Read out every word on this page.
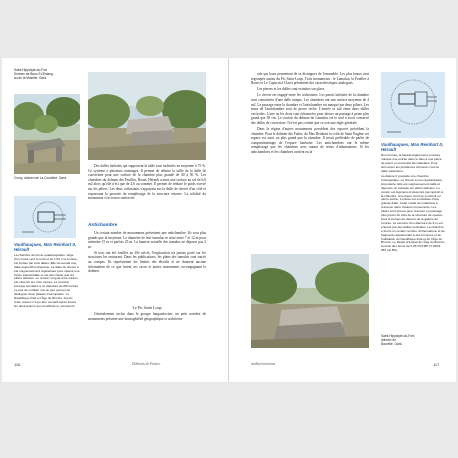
Saint-Hippolyte-du-Fort
Dolmen de Baux-Fo'Estang
au de la Moselle, Gard.
Coury, dolmen de La Coudière, Gard.
Vaulhauques, Mas Reinhart II, Hérault

La chambre de forme quadrangulaire, large d'un mètre vers le fond et de 1,50 m à l'entrée, est limitée par trois dalles. Elle recouvrait une dalle aujourd'hui disparue. La dalle de chevet a été soigneusement régularisée pour obtenir une forme trapézoïdale et est plus haute que les piliers latéraux. Le couloir, long de trois mètres, est observé sur trois mètres. Le tumulus presque circulaire a un diamètre de 8/9 mètres. Le pas de mobilier mis au jour permet de distinguer deux phases d'occupation : le Néolithique final et l'Âge du Bronze. Aucun reste osseux n'a pu être recueilli après toutes les destructions qui ont affecté le monument.

Des dalles latérales qui supportent la table sont inclinées en moyenne à 75 %. Ce système a plusieurs avantages. Il permet de réduire la taille de la dalle de couverture pour une surface de la chambre plus grande de 40 à 50 %. Les chambres du dolmen des Feuilles, Rouet, Hérault a ainsi une surface au sol de 6,6 m2 alors qu'elle n'est que de 2,6 au sommet. Il permet de réduire le poids exercé sur les piliers. Les deux orthostates s'appuyant sur la dalle de chevet d'un côté et repoussant la poussée du remplissage de la structure externe. La solidité du monument s'en trouve renforcée.

Antichambre

Un certain nombre de monuments présentent une antichambre. Ils sont plus grands que la moyenne. Le diamètre de leur tumulus se situe entre 7 et 12 m pour atteindre 15 m et parfois 25 m. La hauteur actuelle des tumulus ne dépasse pas 2 m.

Si tous ont été fouillés au 20e siècle, l'exploration n'a jamais porté sur les structures les entourant. Dans les publications, les plans des tumulus sont tracés au compas. Ils représentent les limites des éboulis et ne donnent aucune information de ce que furent ces caves et autres monuments accompagnant le dolmen.

Le Pic Saint Loup

Généralement inclus dans le groupe languedocien, un petit nombre de monuments présente une homogénéité géographique et architectu-

116	Dolmens de France

rale qui leurs permettent de se distinguer de l'ensemble. Les plus beaux sont regroupés autour du Pic Saint-Loup. Trois monuments : le Lamalou, la Feuilles à Rouet et Le Capucin à Claret présentent des caractéristiques analogues.

Les pierres et les dalles sont extraites sur place.

Le chevet est engagé entre les orthostates. Les parois latérales de la chambre sont constituées d'une dalle unique. Les chambres ont une surface moyenne de 4 m2. Le passage entre la chambre et l'antichambre est marqué par deux piliers. Les murs de l'antichambre sont de pierre sèche. L'entrée se fait entre deux dalles verticales. L'une ou les deux sont échancrées pour laisser un passage à peine plus grand que 50 cm. Le couloir du dolmen du Lamalou est le seul à avoir conservé des dalles de couverture. Il n'est pas certain que ce soit une règle générale.

Dans la région d'autres monuments possèdent des espaces précédant la chambre. Pour le dolmen des Fades, du Mas Reinhart et celui de Saint Eugène cet espace est aussi ou plus grand que la chambre. Il serait préférable de parler de compartimentage de l'espace funéraire. Les antichambres ont le même remplissage que les chambres avec autant de restes d'inhumations. Si les antichambres et les chambres avaient eu la

Vaulhauques, Mas Reinhart II, Hérault

Non fermée, la façade légèrement concave marque une entrée dans le faux à une pièce de pierre en proximité des latérales. Pour surmonter les problèmes d'érosion c'est la dalle supérieure.

La dalone II possède une chambre rectangulaire. Le chevet a une régularisation importante. Elle est soigneusement taillé et déposée un bouleau les piliers latéraux. Le couloir est légèrement décentré par rapport à la chambre. Une pièce court se construit en pierre sèche. L'entrée est constituée d'une grande dalle. Cette moitié de matériaux à retrouver dans d'autres monuments. Les piliers sont prévus pour réserver un passage plus précis du côté de la structure de soutien. Ceci le bornes au-dessus de la galerie de l'entrée. Le tumulus d'un diamètre de 8 m est entouré par des dalles verticales. La chambre a fourni un certain nombre d'inhumations et de fragments appartenant à des hommes et de l'utilisation du Néolithique final et de l'Âge du Bronze. Le Dépôt principal de l'Âge du Bronze au bois des dents de 5,96 ±0,5 BP (3 040/1 887 cal BC).

Saint-Hippolyte-du-Fort,
dolmen de
Baurelle, Gard.
méditerranéenne	117
